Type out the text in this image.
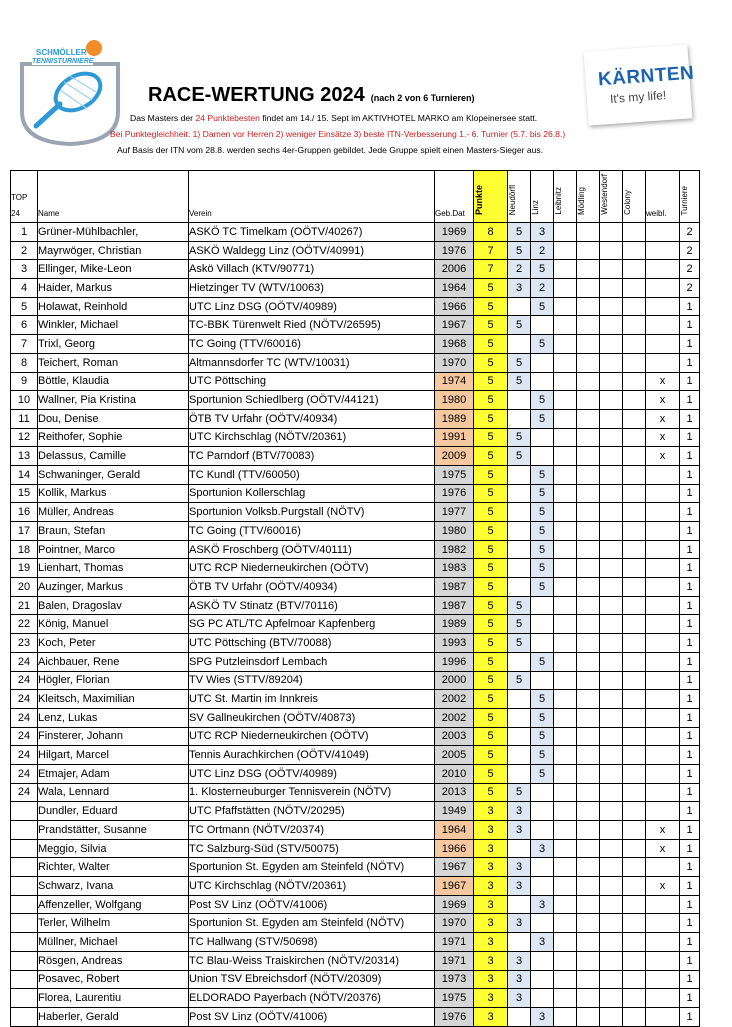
SCHMÖLLER
TENNISTURNIERE
RACE-WERTUNG 2024 (nach 2 von 6 Turnieren)
Das Masters der 24 Punktebesten findet am 14./ 15. Sept im AKTIVHOTEL MARKO am Klopeinersee statt.
Bei Punktegleichheit: 1) Damen vor Herren 2) weniger Einsätze 3) beste ITN-Verbesserung 1.- 6. Turnier (5.7. bis 26.8.)
Auf Basis der ITN vom 28.8. werden sechs 4er-Gruppen gebildet. Jede Gruppe spielt einen Masters-Sieger aus.
KÄRNTEN
It's my life!
TOP
24	Name	Verein	Geb.Dat	Punkte	Neudörfl	Linz	Leibnitz	Mödling	Westendorf	Colony	weibl.	Turniere
1	Grüner-Mühlbachler,	ASKÖ TC Timelkam (OÖTV/40267)	1969	8	5	3						2
2	Mayrwöger, Christian	ASKÖ Waldegg Linz (OÖTV/40991)	1976	7	5	2						2
3	Ellinger, Mike-Leon	Askö Villach (KTV/90771)	2006	7	2	5						2
4	Haider, Markus	Hietzinger TV (WTV/10063)	1964	5	3	2						2
5	Holawat, Reinhold	UTC Linz DSG (OÖTV/40989)	1966	5		5						1
6	Winkler, Michael	TC-BBK Türenwelt Ried (NÖTV/26595)	1967	5	5							1
7	Trixl, Georg	TC Going (TTV/60016)	1968	5		5						1
8	Teichert, Roman	Altmannsdorfer TC (WTV/10031)	1970	5	5							1
9	Böttle, Klaudia	UTC Pöttsching	1974	5	5						x	1
10	Wallner, Pia Kristina	Sportunion Schiedlberg (OÖTV/44121)	1980	5		5					x	1
11	Dou, Denise	ÖTB TV Urfahr (OÖTV/40934)	1989	5		5					x	1
12	Reithofer, Sophie	UTC Kirchschlag (NÖTV/20361)	1991	5	5						x	1
13	Delassus, Camille	TC Parndorf (BTV/70083)	2009	5	5						x	1
14	Schwaninger, Gerald	TC Kundl (TTV/60050)	1975	5		5						1
15	Kollik, Markus	Sportunion Kollerschlag	1976	5		5						1
16	Müller, Andreas	Sportunion Volksb.Purgstall (NÖTV)	1977	5		5						1
17	Braun, Stefan	TC Going (TTV/60016)	1980	5		5						1
18	Pointner, Marco	ASKÖ Froschberg (OÖTV/40111)	1982	5		5						1
19	Lienhart, Thomas	UTC RCP Niederneukirchen (OÖTV)	1983	5		5						1
20	Auzinger, Markus	ÖTB TV Urfahr (OÖTV/40934)	1987	5		5						1
21	Balen, Dragoslav	ASKÖ TV Stinatz (BTV/70116)	1987	5	5							1
22	König, Manuel	SG PC ATL/TC Apfelmoar Kapfenberg	1989	5	5							1
23	Koch, Peter	UTC Pöttsching (BTV/70088)	1993	5	5							1
24	Aichbauer, Rene	SPG Putzleinsdorf Lembach	1996	5		5						1
24	Högler, Florian	TV Wies (STTV/89204)	2000	5	5							1
24	Kleitsch, Maximilian	UTC St. Martin im Innkreis	2002	5		5						1
24	Lenz, Lukas	SV Gallneukirchen (OÖTV/40873)	2002	5		5						1
24	Finsterer, Johann	UTC RCP Niederneukirchen (OÖTV)	2003	5		5						1
24	Hilgart, Marcel	Tennis Aurachkirchen (OÖTV/41049)	2005	5		5						1
24	Etmajer, Adam	UTC Linz DSG (OÖTV/40989)	2010	5		5						1
24	Wala, Lennard	1. Klosterneuburger Tennisverein (NÖTV)	2013	5	5							1
	Dundler, Eduard	UTC Pfaffstätten (NÖTV/20295)	1949	3	3							1
	Prandstätter, Susanne	TC Ortmann (NÖTV/20374)	1964	3	3						x	1
	Meggio, Silvia	TC Salzburg-Süd (STV/50075)	1966	3		3					x	1
	Richter, Walter	Sportunion St. Egyden am Steinfeld (NÖTV)	1967	3	3							1
	Schwarz, Ivana	UTC Kirchschlag (NÖTV/20361)	1967	3	3						x	1
	Affenzeller, Wolfgang	Post SV Linz (OÖTV/41006)	1969	3		3						1
	Terler, Wilhelm	Sportunion St. Egyden am Steinfeld (NÖTV)	1970	3	3							1
	Müllner, Michael	TC Hallwang (STV/50698)	1971	3		3						1
	Rösgen, Andreas	TC Blau-Weiss Traiskirchen (NÖTV/20314)	1971	3	3							1
	Posavec, Robert	Union TSV Ebreichsdorf (NÖTV/20309)	1973	3	3							1
	Florea, Laurentiu	ELDORADO Payerbach (NÖTV/20376)	1975	3	3							1
	Haberler, Gerald	Post SV Linz (OÖTV/41006)	1976	3		3						1
